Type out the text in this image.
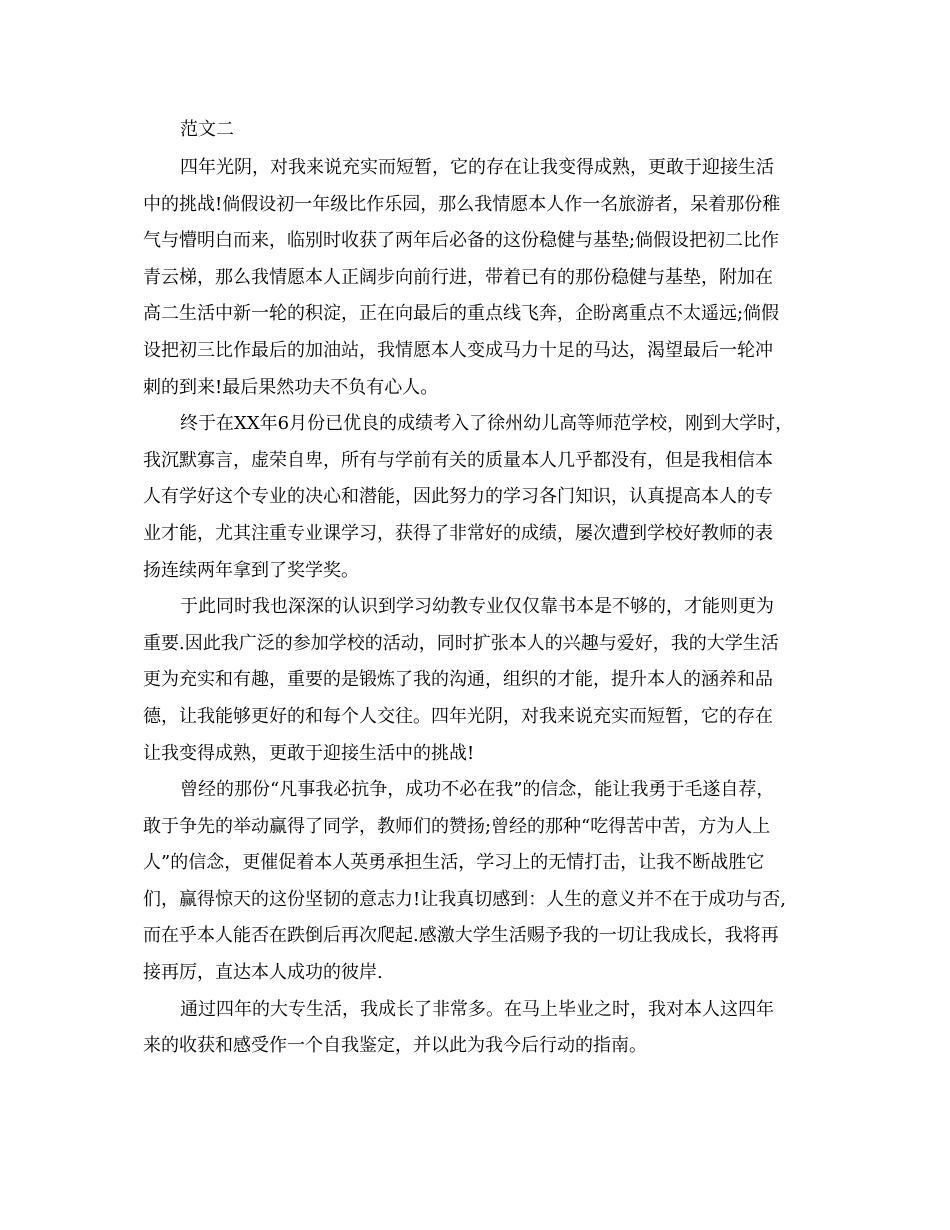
范文二

四年光阴，对我来说充实而短暂，它的存在让我变得成熟，更敢于迎接生活
中的挑战!倘假设初一年级比作乐园，那么我情愿本人作一名旅游者，呆着那份稚
气与懵明白而来，临别时收获了两年后必备的这份稳健与基垫;倘假设把初二比作
青云梯，那么我情愿本人正阔步向前行进，带着已有的那份稳健与基垫，附加在
高二生活中新一轮的积淀，正在向最后的重点线飞奔，企盼离重点不太遥远;倘假
设把初三比作最后的加油站，我情愿本人变成马力十足的马达，渴望最后一轮冲
刺的到来!最后果然功夫不负有心人。

终于在XX年6月份已优良的成绩考入了徐州幼儿高等师范学校，刚到大学时，
我沉默寡言，虚荣自卑，所有与学前有关的质量本人几乎都没有，但是我相信本
人有学好这个专业的决心和潜能，因此努力的学习各门知识，认真提高本人的专
业才能，尤其注重专业课学习，获得了非常好的成绩，屡次遭到学校好教师的表
扬连续两年拿到了奖学奖。

于此同时我也深深的认识到学习幼教专业仅仅靠书本是不够的，才能则更为
重要.因此我广泛的参加学校的活动，同时扩张本人的兴趣与爱好，我的大学生活
更为充实和有趣，重要的是锻炼了我的沟通，组织的才能，提升本人的涵养和品
德，让我能够更好的和每个人交往。四年光阴，对我来说充实而短暂，它的存在
让我变得成熟，更敢于迎接生活中的挑战!

曾经的那份“凡事我必抗争，成功不必在我”的信念，能让我勇于毛遂自荐，
敢于争先的举动赢得了同学，教师们的赞扬;曾经的那种“吃得苦中苦，方为人上
人”的信念，更催促着本人英勇承担生活，学习上的无情打击，让我不断战胜它
们，赢得惊天的这份坚韧的意志力!让我真切感到：人生的意义并不在于成功与否,
而在乎本人能否在跌倒后再次爬起.感激大学生活赐予我的一切让我成长，我将再
接再厉，直达本人成功的彼岸.

通过四年的大专生活，我成长了非常多。在马上毕业之时，我对本人这四年
来的收获和感受作一个自我鉴定，并以此为我今后行动的指南。
